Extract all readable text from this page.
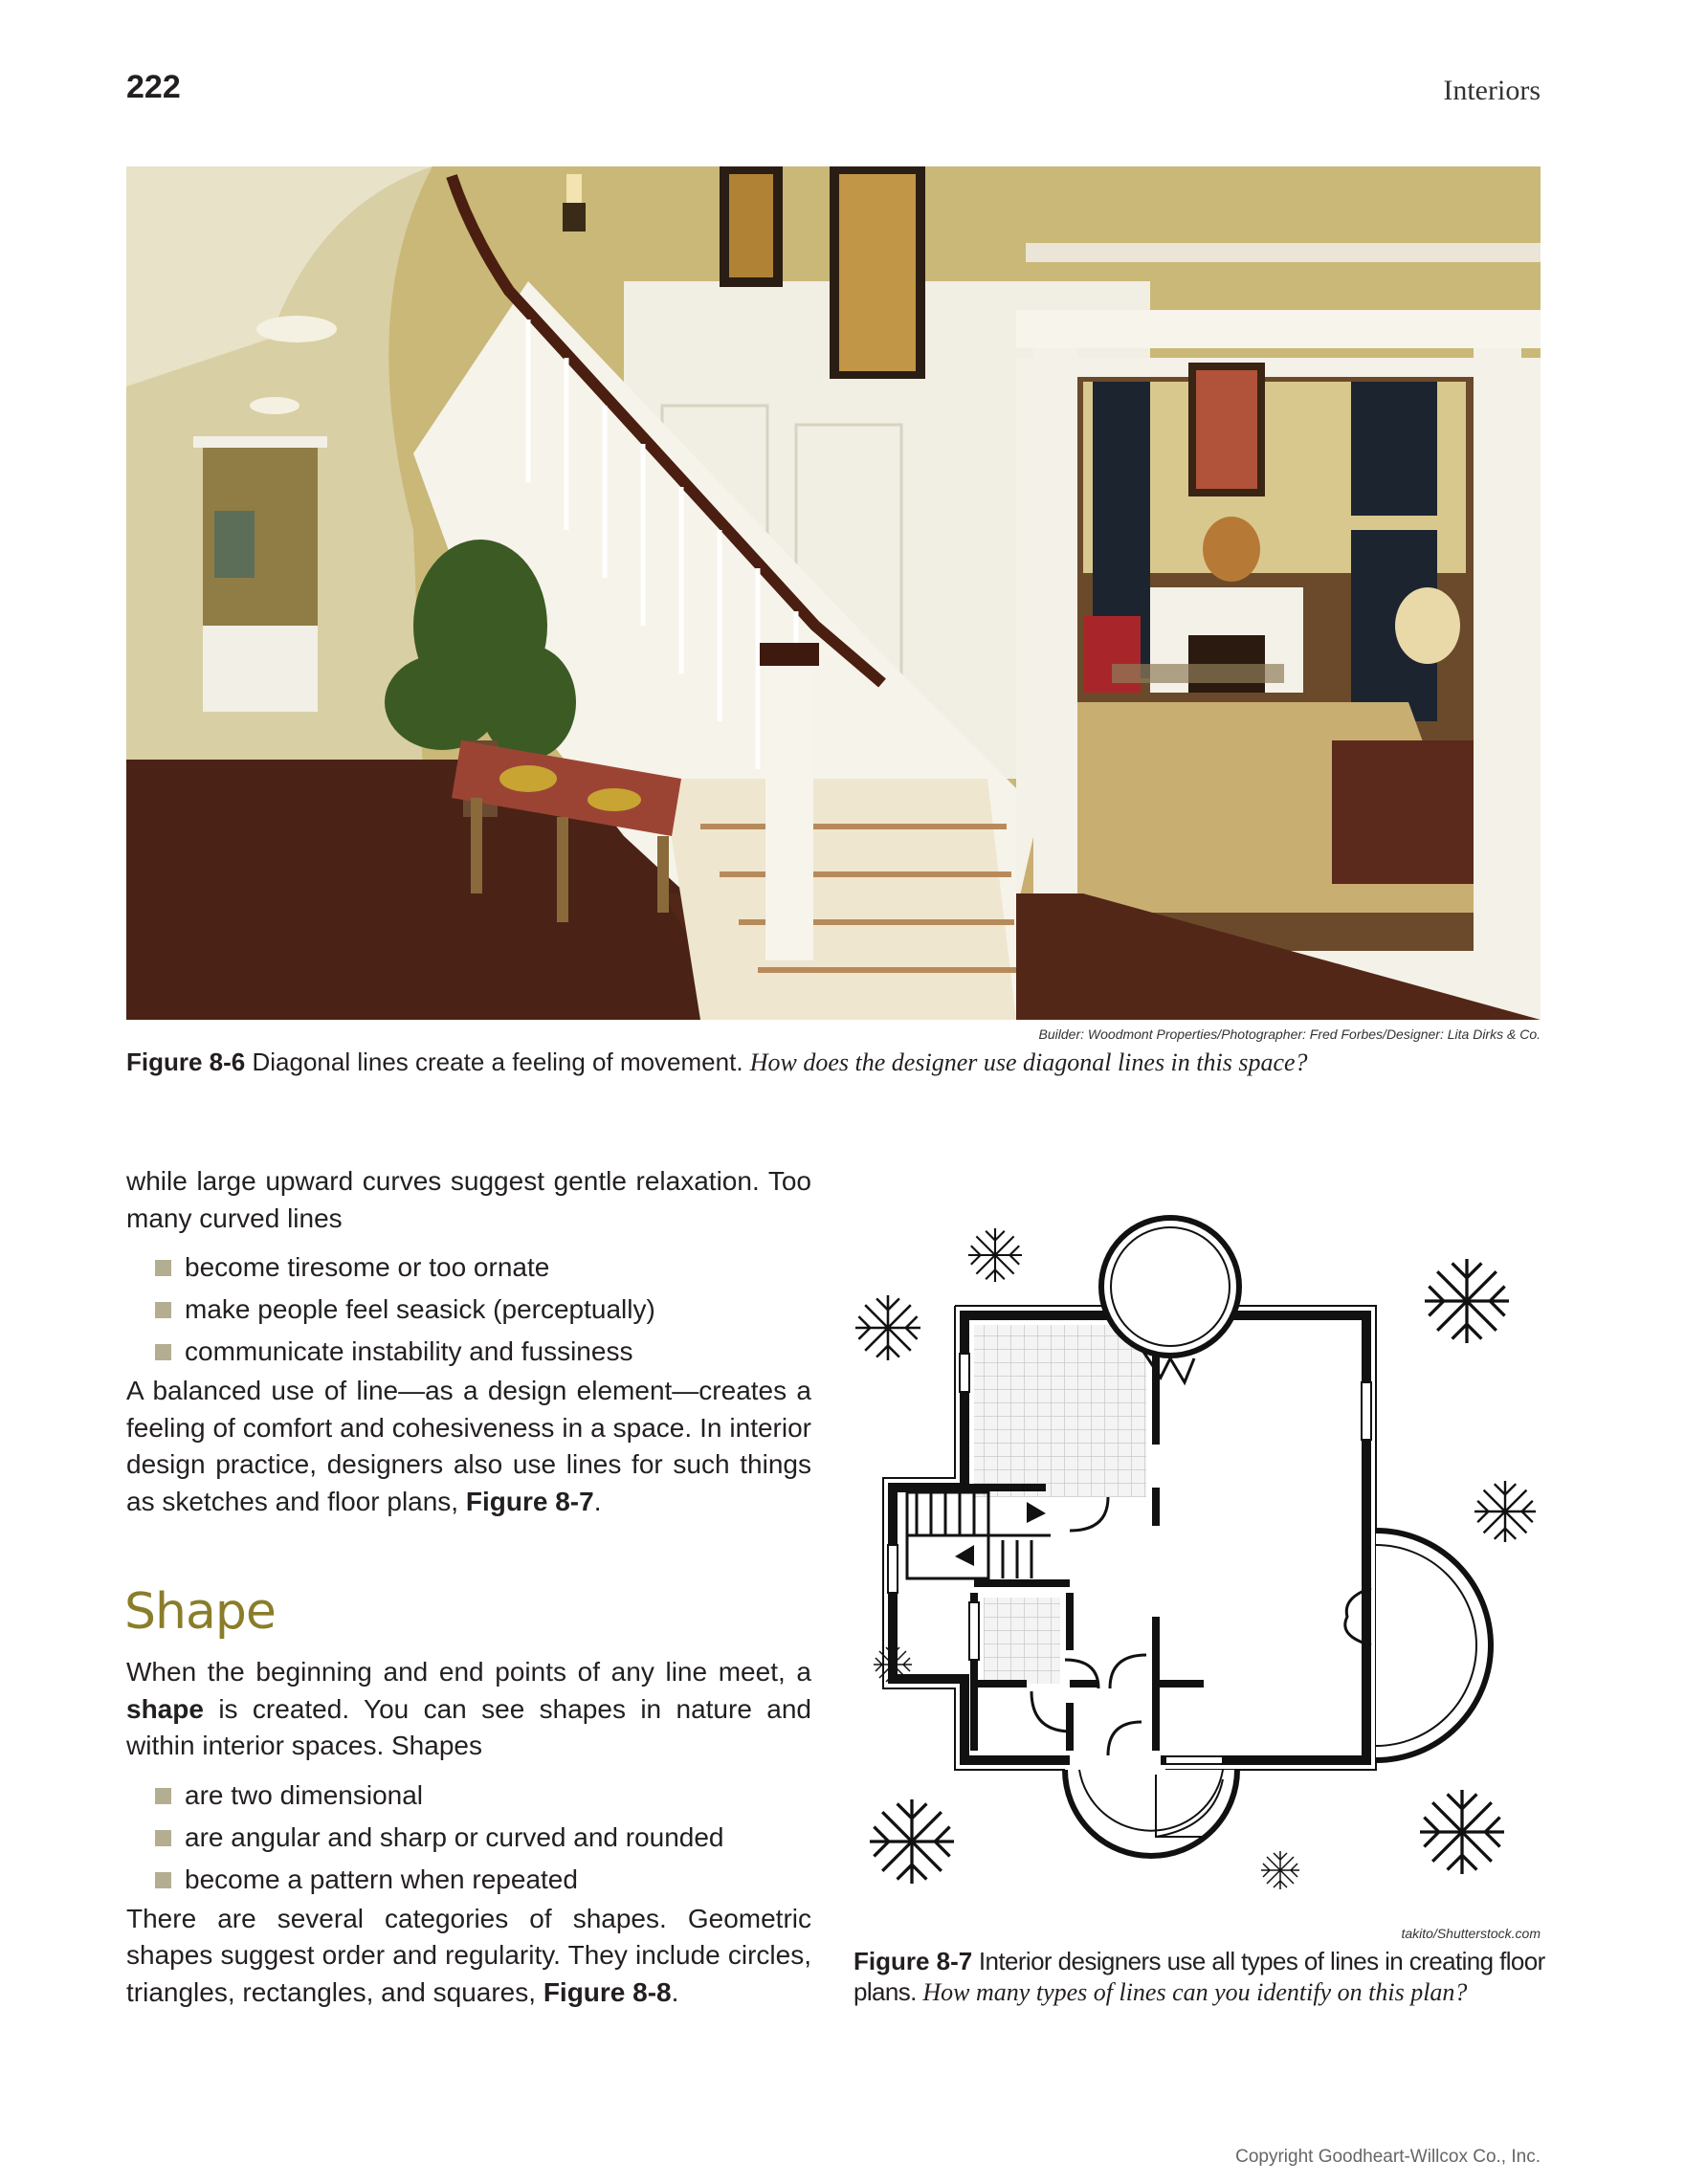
222	Interiors
Builder: Woodmont Properties/Photographer: Fred Forbes/Designer: Lita Dirks & Co.
Figure 8-6 Diagonal lines create a feeling of movement. How does the designer use diagonal lines in this space?

while large upward curves suggest gentle relaxation. Too many curved lines

become tiresome or too ornate
make people feel seasick (perceptually)
communicate instability and fussiness

A balanced use of line—as a design element—creates a feeling of comfort and cohesiveness in a space. In interior design practice, designers also use lines for such things as sketches and floor plans, Figure 8-7.

Shape

When the beginning and end points of any line meet, a shape is created. You can see shapes in nature and within interior spaces. Shapes

are two dimensional
are angular and sharp or curved and rounded
become a pattern when repeated

There are several categories of shapes. Geometric shapes suggest order and regularity. They include circles, triangles, rectangles, and squares, Figure 8-8.

takito/Shutterstock.com
Figure 8-7 Interior designers use all types of lines in creating floor plans. How many types of lines can you identify on this plan?
Copyright Goodheart-Willcox Co., Inc.
